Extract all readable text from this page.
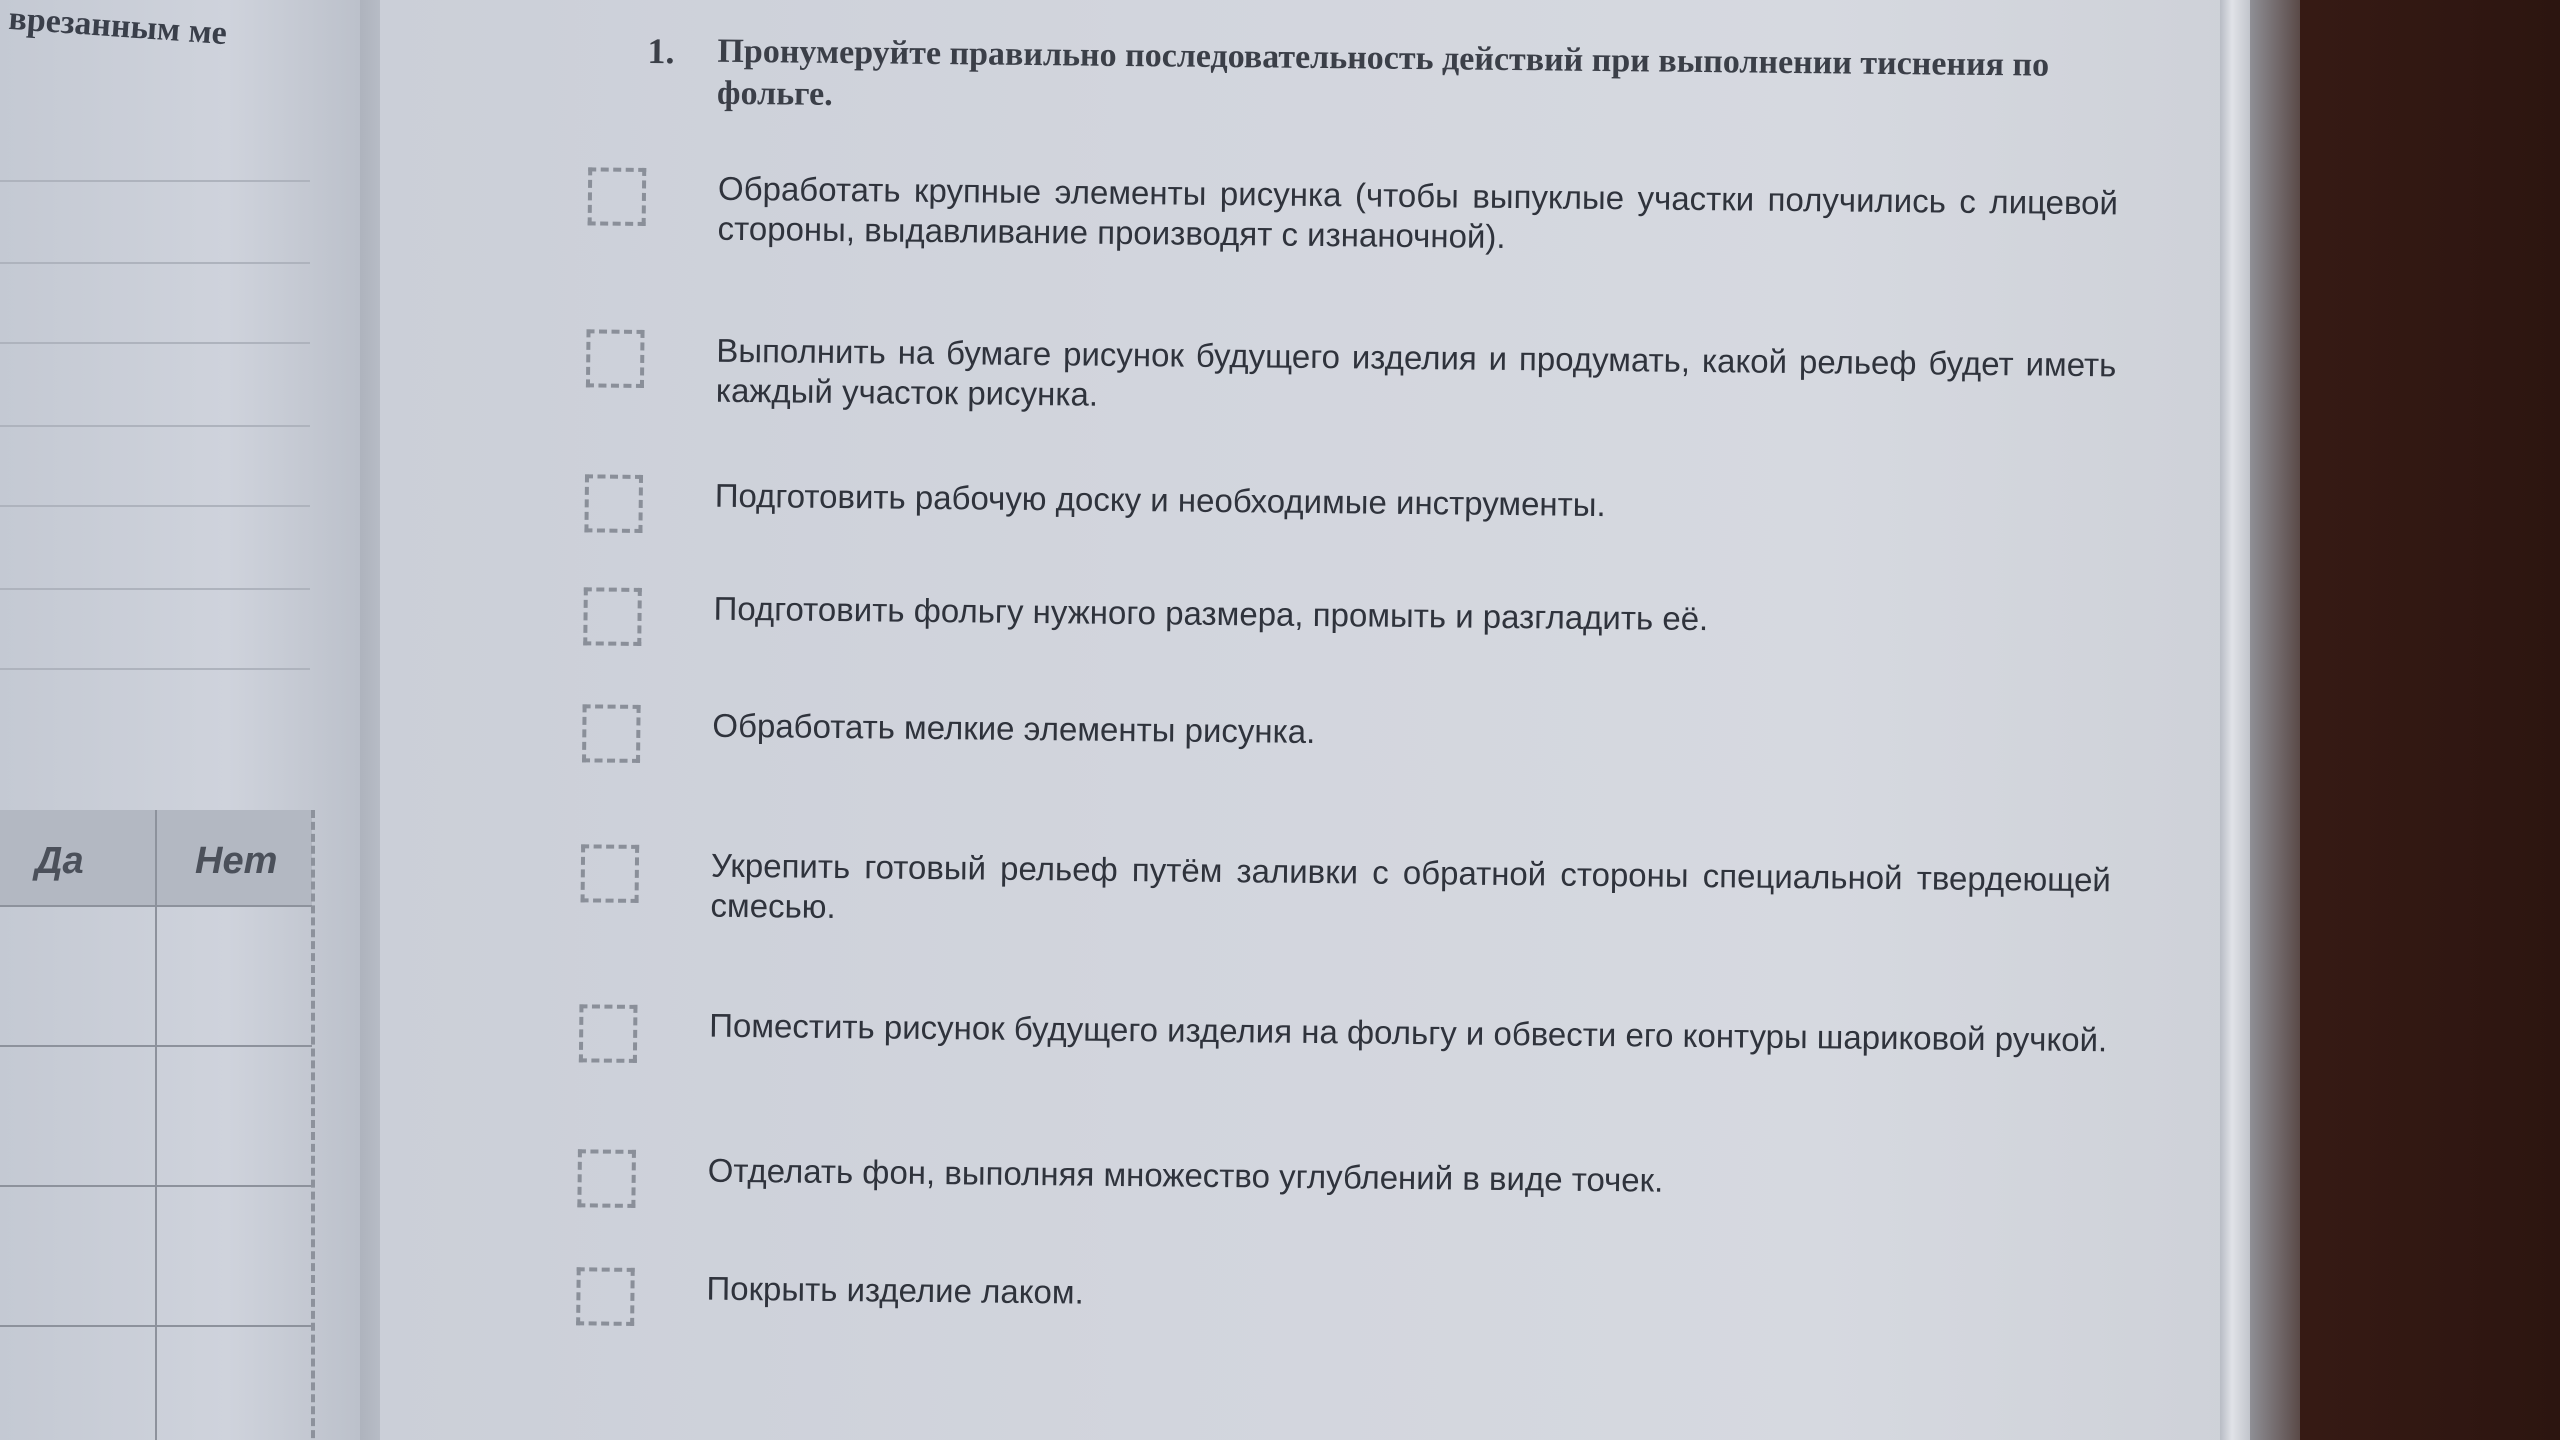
врезанным ме
Да	Нет
1. Пронумеруйте правильно последовательность действий при выполнении тиснения по фольге.
Обработать крупные элементы рисунка (чтобы выпуклые участки получились с лицевой стороны, выдавливание производят с изнаночной).
Выполнить на бумаге рисунок будущего изделия и продумать, какой рельеф будет иметь каждый участок рисунка.
Подготовить рабочую доску и необходимые инструменты.
Подготовить фольгу нужного размера, промыть и разгладить её.
Обработать мелкие элементы рисунка.
Укрепить готовый рельеф путём заливки с обратной стороны специальной твердеющей смесью.
Поместить рисунок будущего изделия на фольгу и обвести его контуры шариковой ручкой.
Отделать фон, выполняя множество углублений в виде точек.
Покрыть изделие лаком.
